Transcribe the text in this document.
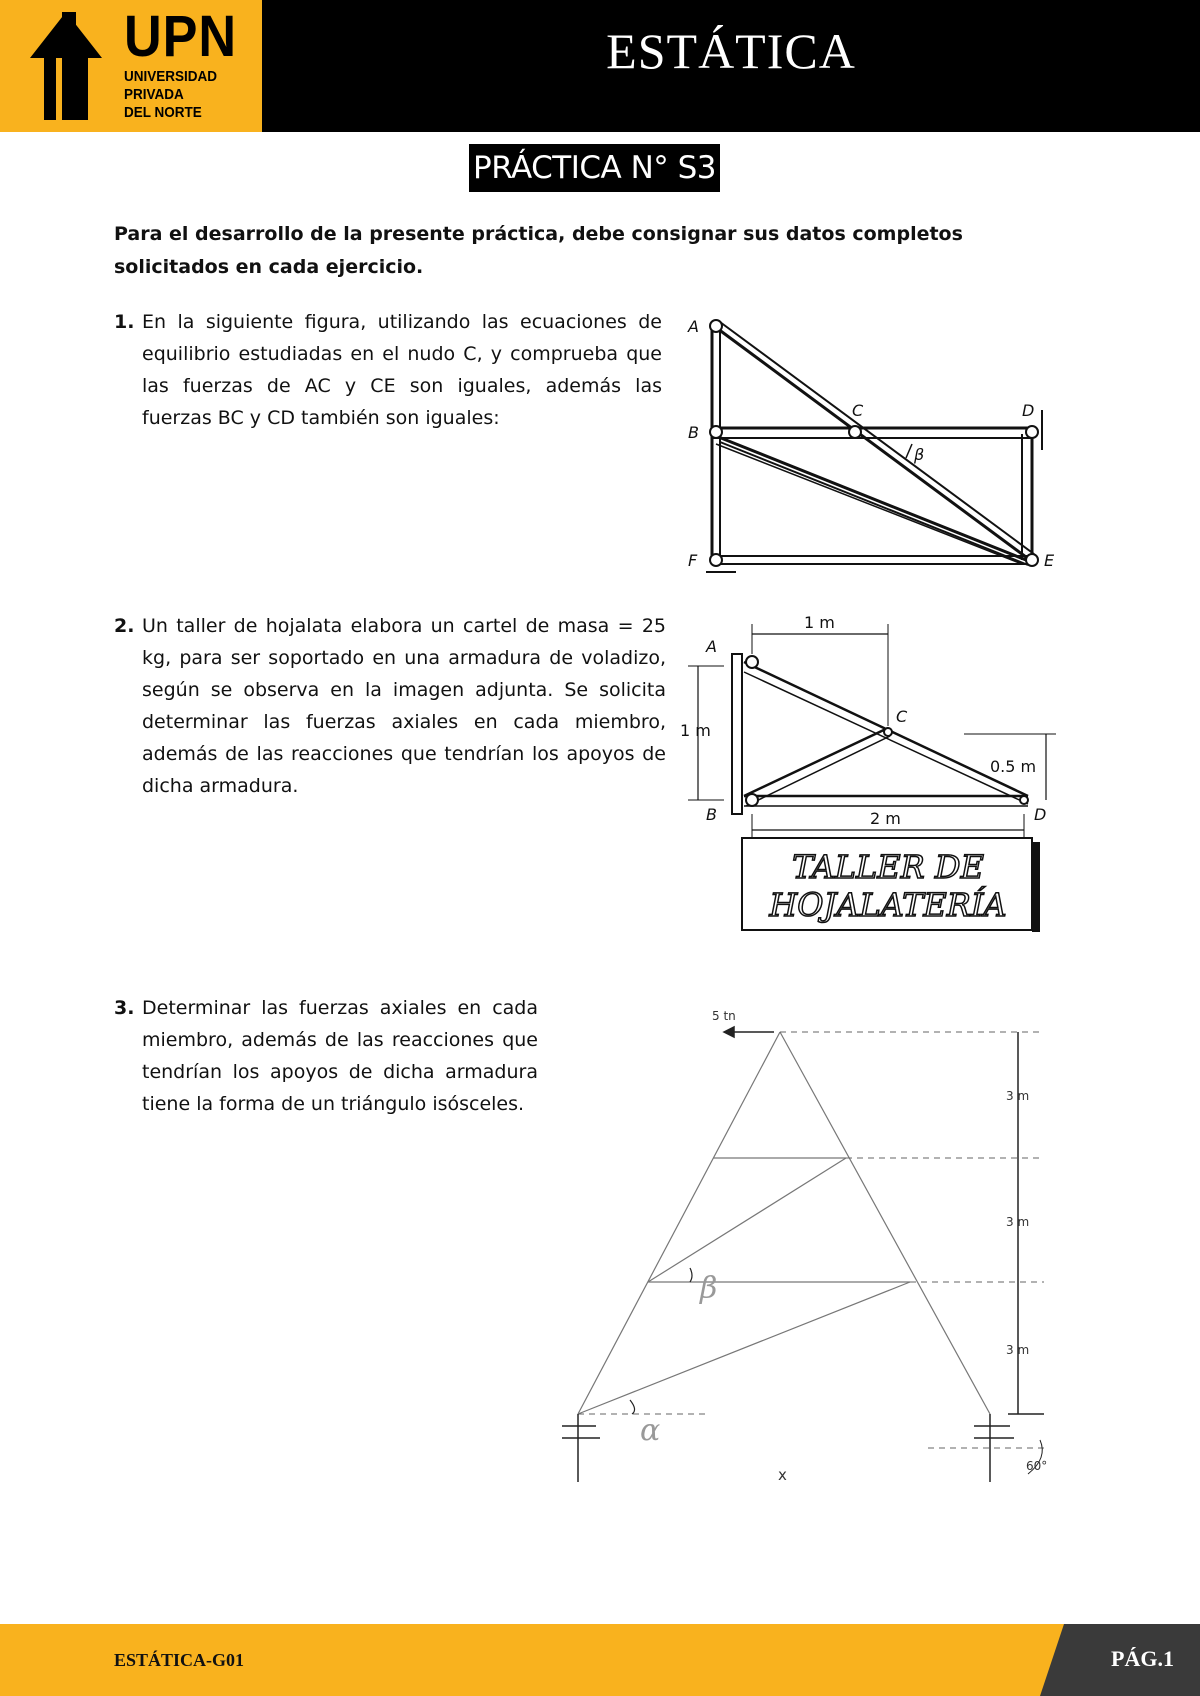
UPN
UNIVERSIDAD
PRIVADA
DEL NORTE
ESTÁTICA
PRÁCTICA N° S3
Para el desarrollo de la presente práctica, debe consignar sus datos completos solicitados en cada ejercicio.
1. En la siguiente figura, utilizando las ecuaciones de equilibrio estudiadas en el nudo C, y comprueba que las fuerzas de AC y CE son iguales, además las fuerzas BC y CD también son iguales:
A
B
C	D
E
F
β
2. Un taller de hojalata elabora un cartel de masa = 25 kg, para ser soportado en una armadura de voladizo, según se observa en la imagen adjunta. Se solicita determinar las fuerzas axiales en cada miembro, además de las reacciones que tendrían los apoyos de dicha armadura.
1 m
1 m
0.5 m
2 m
A
B
C
D
TALLER DE
HOJALATERÍA
3. Determinar las fuerzas axiales en cada miembro, además de las reacciones que tendrían los apoyos de dicha armadura tiene la forma de un triángulo isósceles.
5 tn
3 m
3 m
3 m
60°
β
α
x
ESTÁTICA-G01	PÁG.1
